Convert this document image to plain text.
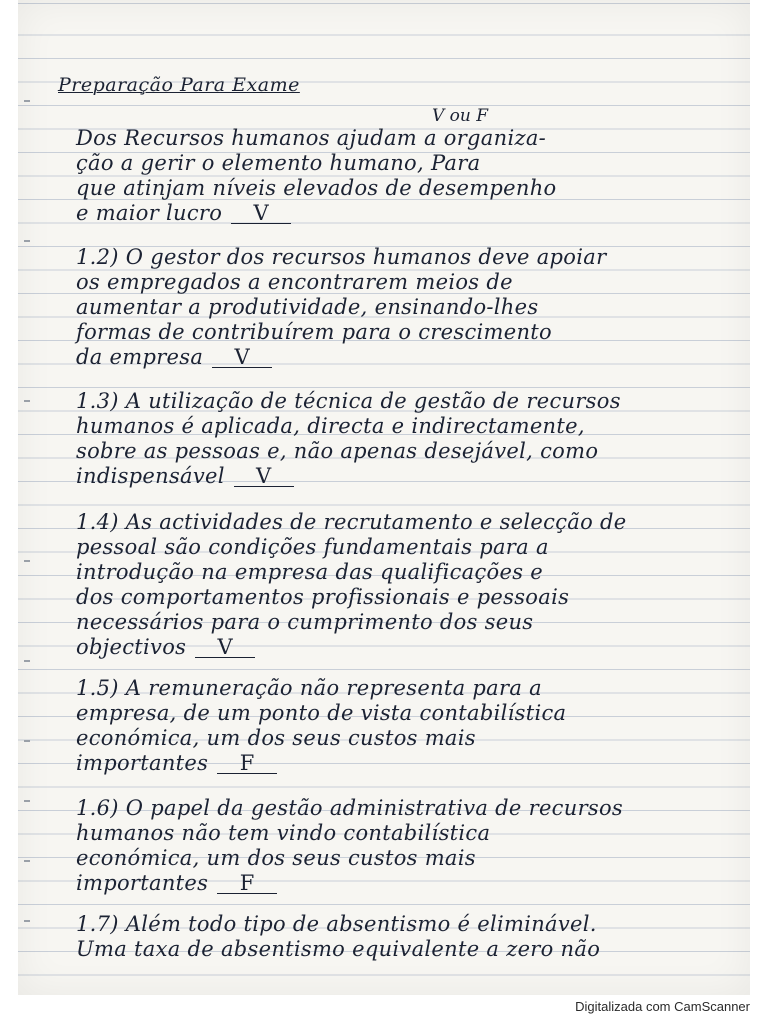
Preparação Para Exame
V ou F
Dos Recursos humanos ajudam a organiza-
ção a gerir o elemento humano, Para
que atinjam níveis elevados de desempenho
e maior lucro V
1.2) O gestor dos recursos humanos deve apoiar
os empregados a encontrarem meios de
aumentar a produtividade, ensinando-lhes
formas de contribuírem para o crescimento
da empresa V
1.3) A utilização de técnica de gestão de recursos
humanos é aplicada, directa e indirectamente,
sobre as pessoas e, não apenas desejável, como
indispensável V
1.4) As actividades de recrutamento e selecção de
pessoal são condições fundamentais para a
introdução na empresa das qualificações e
dos comportamentos profissionais e pessoais
necessários para o cumprimento dos seus
objectivos V
1.5) A remuneração não representa para a
empresa, de um ponto de vista contabilística
económica, um dos seus custos mais
importantes F
1.6) O papel da gestão administrativa de recursos
humanos não tem vindo contabilística
económica, um dos seus custos mais
importantes F
1.7) Além todo tipo de absentismo é eliminável.
Uma taxa de absentismo equivalente a zero não
Digitalizada com CamScanner
